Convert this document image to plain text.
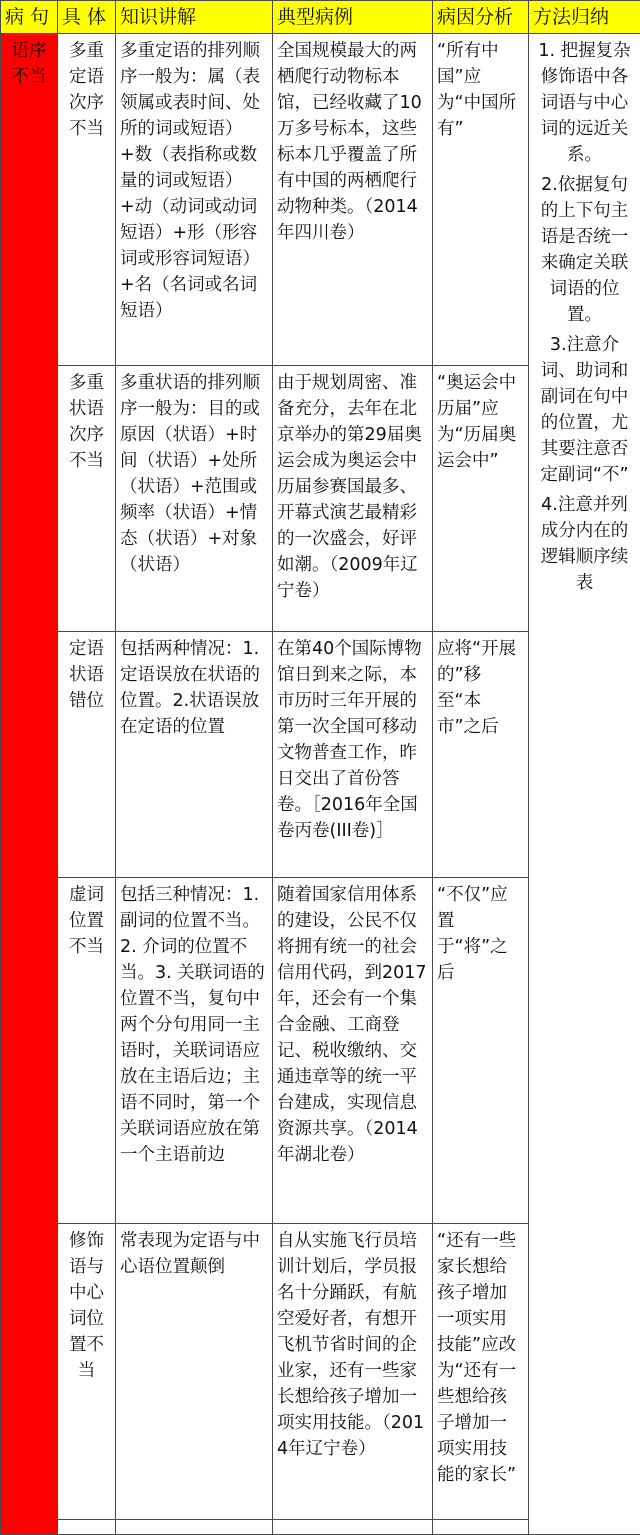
病 句	具 体	知识讲解	典型病例	病因分析	方法归纳
语序不当	多重定语次序不当	多重定语的排列顺序一般为：属（表领属或表时间、处所的词或短语）+数（表指称或数量的词或短语）+动（动词或动词短语）+形（形容词或形容词短语）+名（名词或名词短语）	全国规模最大的两栖爬行动物标本馆，已经收藏了10万多号标本，这些标本几乎覆盖了所有中国的两栖爬行动物种类。（2014年四川卷）	“所有中国”应为“中国所有”	1. 把握复杂修饰语中各词语与中心词的远近关系。
2.依据复句的上下句主语是否统一来确定关联词语的位置。
3.注意介词、助词和副词在句中的位置，尤其要注意否定副词“不”
4.注意并列成分内在的逻辑顺序续表

	多重状语次序不当	多重状语的排列顺序一般为：目的或原因（状语）+时间（状语）+处所（状语）+范围或频率（状语）+情态（状语）+对象（状语）	由于规划周密、准备充分，去年在北京举办的第29届奥运会成为奥运会中历届参赛国最多、开幕式演艺最精彩的一次盛会，好评如潮。（2009年辽宁卷）	“奥运会中历届”应为“历届奥运会中”	
	定语状语错位	包括两种情况：1.定语误放在状语的位置。2.状语误放在定语的位置	在第40个国际博物馆日到来之际，本市历时三年开展的第一次全国可移动文物普查工作，昨日交出了首份答卷。［2016年全国卷丙卷(III卷)］	应将“开展的”移至“本市”之后	
	虚词位置不当	包括三种情况：1. 副词的位置不当。2. 介词的位置不当。3. 关联词语的位置不当，复句中两个分句用同一主语时，关联词语应放在主语后边；主语不同时，第一个关联词语应放在第一个主语前边	随着国家信用体系的建设，公民不仅将拥有统一的社会信用代码，到2017年，还会有一个集合金融、工商登记、税收缴纳、交通违章等的统一平台建成，实现信息资源共享。（2014年湖北卷）	“不仅”应置于“将”之后	
	修饰语与中心词位置不当	常表现为定语与中心语位置颠倒	自从实施飞行员培训计划后，学员报名十分踊跃，有航空爱好者，有想开飞机节省时间的企业家，还有一些家长想给孩子增加一项实用技能。（2014年辽宁卷）	“还有一些家长想给孩子增加一项实用技能”应改为“还有一些想给孩子增加一项实用技能的家长”	
